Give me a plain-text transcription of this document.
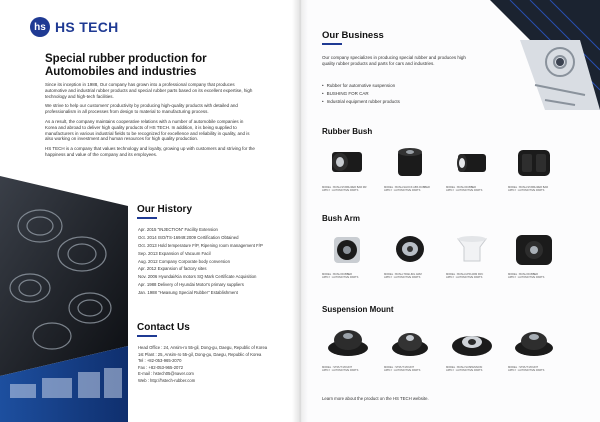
hs HS TECH
Special rubber production for
Automobiles and industries

Since its inception in 1988, Our company has grown into a professional company that produces automotive and industrial rubber products and special rubber parts based on its excellent expertise, high technology and high-tech facilities.

We strive to help our customers' productivity by producing high-quality products with detailed and professionalism in all processes from design to material to manufacturing process.

As a result, the company maintains cooperative relations with a number of automobile companies in Korea and abroad to deliver high quality products of HS TECH. In addition, it is being supplied to manufacturers in various industrial fields to be recognized for excellence and reliability in quality, and is also working on investment and human resources for high quality production.

HS TECH is a company that values technology and loyalty, growing up with customers and striving for the happiness and value of the company and its employees.

Our History
Apr. 2015 "INJECTION" Facility Extension
Oct. 2014 ISO/TS-16949:2009 Certification Obtained
Oct. 2013 Hold temperature F/P, Ripening room management F/P
Sep. 2013 Expansion of Vacuum Facil
Aug. 2012 Company Corporate body conversion
Apr. 2012 Expansion of factory sites
Nov. 2006 Hyundai/Kia motors SQ Mark Certificate Acquisition
Apr. 1988 Delivery of Hyundai Motor's primary suppliers
Jan. 1988 "Hwasung Special Rubber" Establishment
Contact Us
Head Office : 24, Ansim-ro 55-gil, Dong-gu, Daegu, Republic of Korea
1st Plant : 25, Ansim-ro 55-gil, Dong-gu, Daegu, Republic of Korea
Tel : +82-053-965-2070
Fax : +82-053-965-2072
E-mail : hstech05@naver.com
Web : http://hstech-rubber.com
Our Business

Our company specializes in producing special rubber and produces high quality rubber products and parts for cars and industries.

• Rubber for automotive suspension
• BUSHING FOR CAR
• Industrial equipment rubber products
Rubber Bush
MODEL : BUSH-STABILIZER BAR RR
APPLY : AUTOMOTIVE PARTS
MODEL : BUSH-SHOCK ABS RUBBER
APPLY : AUTOMOTIVE PARTS
MODEL : BUSH RUBBER
APPLY : AUTOMOTIVE PARTS
MODEL : BUSH-STABILIZER BAR
APPLY : AUTOMOTIVE PARTS
Bush Arm
MODEL : BUSH RUBBER
APPLY : AUTOMOTIVE PARTS
MODEL : BUSH-TRAILING ARM
APPLY : AUTOMOTIVE PARTS
MODEL : BUSH-UPR ARM FRC
APPLY : AUTOMOTIVE PARTS
MODEL : BUSH RUBBER
APPLY : AUTOMOTIVE PARTS
Suspension Mount
MODEL : STRUT MOUNT
APPLY : AUTOMOTIVE PARTS
MODEL : STRUT MOUNT
APPLY : AUTOMOTIVE PARTS
MODEL : BUSH SUSPENSION
APPLY : AUTOMOTIVE PARTS
MODEL : STRUT MOUNT
APPLY : AUTOMOTIVE PARTS
Learn more about the product on the HS TECH website.
